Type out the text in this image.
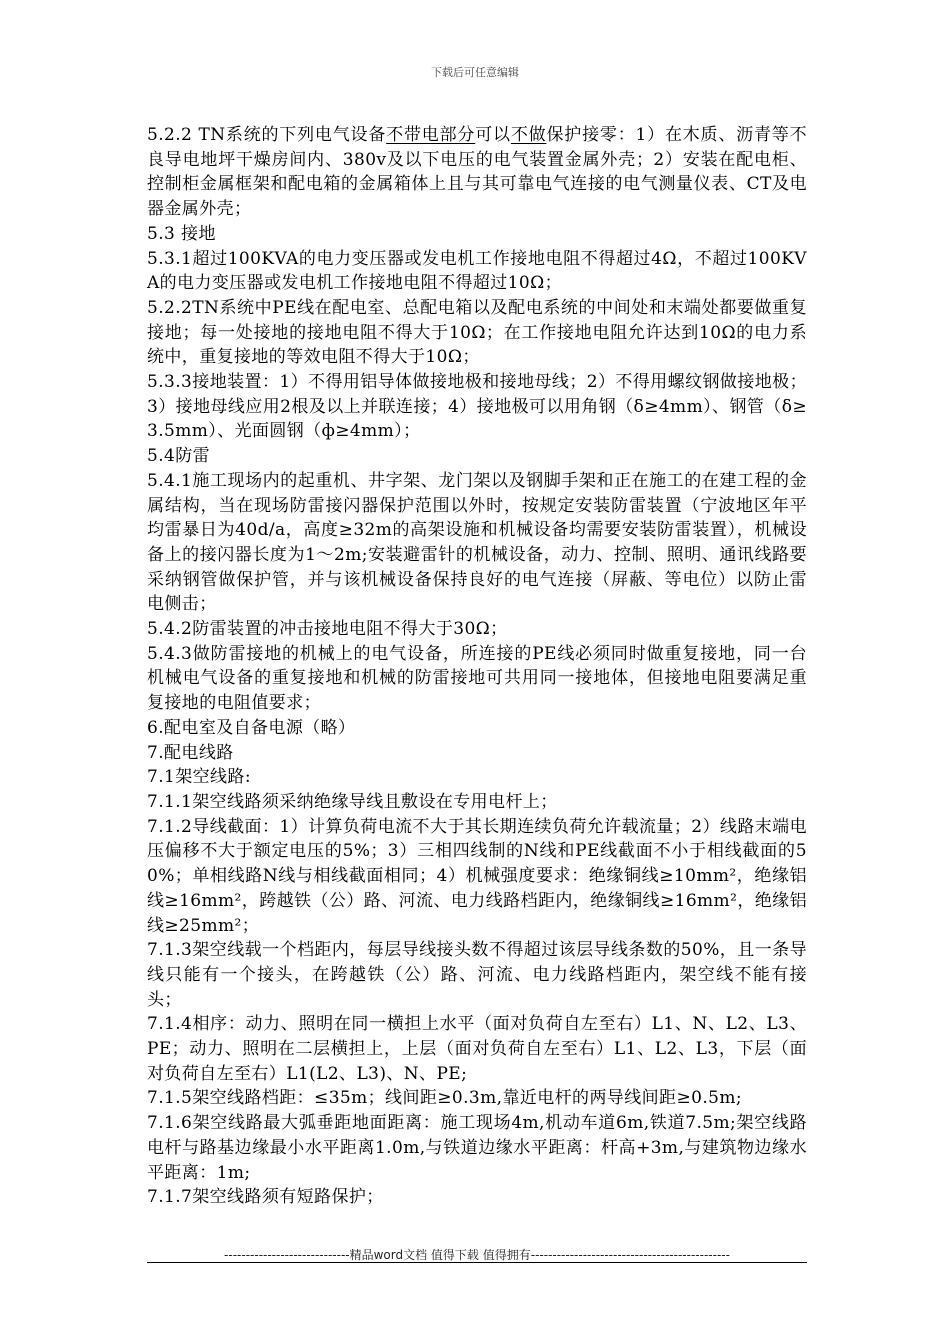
下载后可任意编辑

5.2.2 TN系统的下列电气设备不带电部分可以不做保护接零：1）在木质、沥青等不良导电地坪干燥房间内、380v及以下电压的电气装置金属外壳；2）安装在配电柜、控制柜金属框架和配电箱的金属箱体上且与其可靠电气连接的电气测量仪表、CT及电器金属外壳；

5.3 接地

5.3.1超过100KVA的电力变压器或发电机工作接地电阻不得超过4Ω，不超过100KVA的电力变压器或发电机工作接地电阻不得超过10Ω；

5.2.2TN系统中PE线在配电室、总配电箱以及配电系统的中间处和末端处都要做重复接地；每一处接地的接地电阻不得大于10Ω；在工作接地电阻允许达到10Ω的电力系统中，重复接地的等效电阻不得大于10Ω；

5.3.3接地装置：1）不得用铝导体做接地极和接地母线；2）不得用螺纹钢做接地极；3）接地母线应用2根及以上并联连接；4）接地极可以用角钢（δ≥4mm）、钢管（δ≥3.5mm）、光面圆钢（ф≥4mm）；

5.4防雷

5.4.1施工现场内的起重机、井字架、龙门架以及钢脚手架和正在施工的在建工程的金属结构，当在现场防雷接闪器保护范围以外时，按规定安装防雷装置（宁波地区年平均雷暴日为40d/a，高度≥32m的高架设施和机械设备均需要安装防雷装置），机械设备上的接闪器长度为1～2m;安装避雷针的机械设备，动力、控制、照明、通讯线路要采纳钢管做保护管，并与该机械设备保持良好的电气连接（屏蔽、等电位）以防止雷电侧击；

5.4.2防雷装置的冲击接地电阻不得大于30Ω；

5.4.3做防雷接地的机械上的电气设备，所连接的PE线必须同时做重复接地，同一台机械电气设备的重复接地和机械的防雷接地可共用同一接地体，但接地电阻要满足重复接地的电阻值要求；

6.配电室及自备电源（略）

7.配电线路

7.1架空线路:

7.1.1架空线路须采纳绝缘导线且敷设在专用电杆上；

7.1.2导线截面：1）计算负荷电流不大于其长期连续负荷允许载流量；2）线路末端电压偏移不大于额定电压的5%；3）三相四线制的N线和PE线截面不小于相线截面的50%；单相线路N线与相线截面相同；4）机械强度要求：绝缘铜线≥10mm²，绝缘铝线≥16mm²，跨越铁（公）路、河流、电力线路档距内，绝缘铜线≥16mm²，绝缘铝线≥25mm²；

7.1.3架空线载一个档距内，每层导线接头数不得超过该层导线条数的50%，且一条导线只能有一个接头，在跨越铁（公）路、河流、电力线路档距内，架空线不能有接头；

7.1.4相序：动力、照明在同一横担上水平（面对负荷自左至右）L1、N、L2、L3、PE；动力、照明在二层横担上，上层（面对负荷自左至右）L1、L2、L3，下层（面对负荷自左至右）L1(L2、L3)、N、PE;

7.1.5架空线路档距：≤35m；线间距≥0.3m,靠近电杆的两导线间距≥0.5m;

7.1.6架空线路最大弧垂距地面距离：施工现场4m,机动车道6m,铁道7.5m;架空线路电杆与路基边缘最小水平距离1.0m,与铁道边缘水平距离：杆高+3m,与建筑物边缘水平距离：1m;

7.1.7架空线路须有短路保护；

-----------------------------精品word文档 值得下载 值得拥有----------------------------------------------
